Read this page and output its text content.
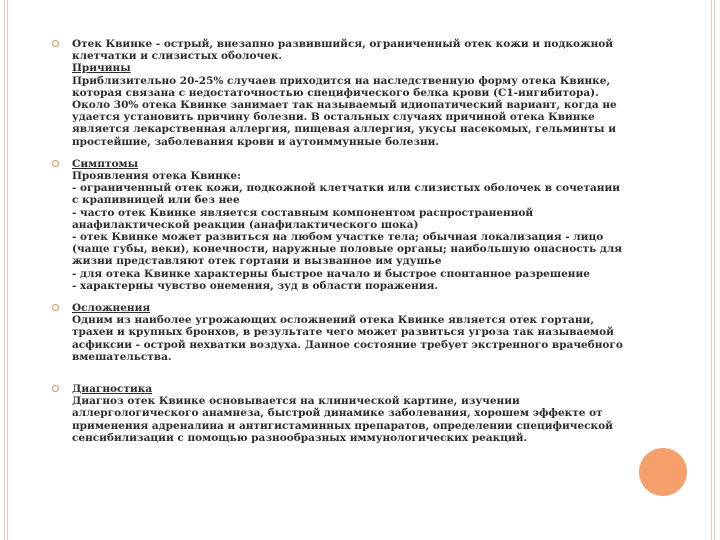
Отек Квинке - острый, внезапно развившийся, ограниченный отек кожи и подкожной
клетчатки и слизистых оболочек.
Причины
Приблизительно 20-25% случаев приходится на наследственную форму отека Квинке,
которая связана с недостаточностью специфического белка крови (С1-ингибитора).
Около 30% отека Квинке занимает так называемый идиопатический вариант, когда не
удается установить причину болезни. В остальных случаях причиной отека Квинке
является лекарственная аллергия, пищевая аллергия, укусы насекомых, гельминты и
простейшие, заболевания крови и аутоиммунные болезни.
Симптомы
Проявления отека Квинке:
- ограниченный отек кожи, подкожной клетчатки или слизистых оболочек в сочетании
с крапивницей или без нее
- часто отек Квинке является составным компонентом распространенной
анафилактической реакции (анафилактического шока)
- отек Квинке может развиться на любом участке тела; обычная локализация - лицо
(чаще губы, веки), конечности, наружные половые органы; наибольшую опасность для
жизни представляют отек гортани и вызванное им удушье
- для отека Квинке характерны быстрое начало и быстрое спонтанное разрешение
- характерны чувство онемения, зуд в области поражения.
Осложнения
Одним из наиболее угрожающих осложнений отека Квинке является отек гортани,
трахеи и крупных бронхов, в результате чего может развиться угроза так называемой
асфиксии - острой нехватки воздуха. Данное состояние требует экстренного врачебного
вмешательства.
Диагностика
Диагноз отек Квинке основывается на клинической картине, изучении
аллергологического анамнеза, быстрой динамике заболевания, хорошем эффекте от
применения адреналина и антигистаминных препаратов, определении специфической
сенсибилизации с помощью разнообразных иммунологических реакций.
